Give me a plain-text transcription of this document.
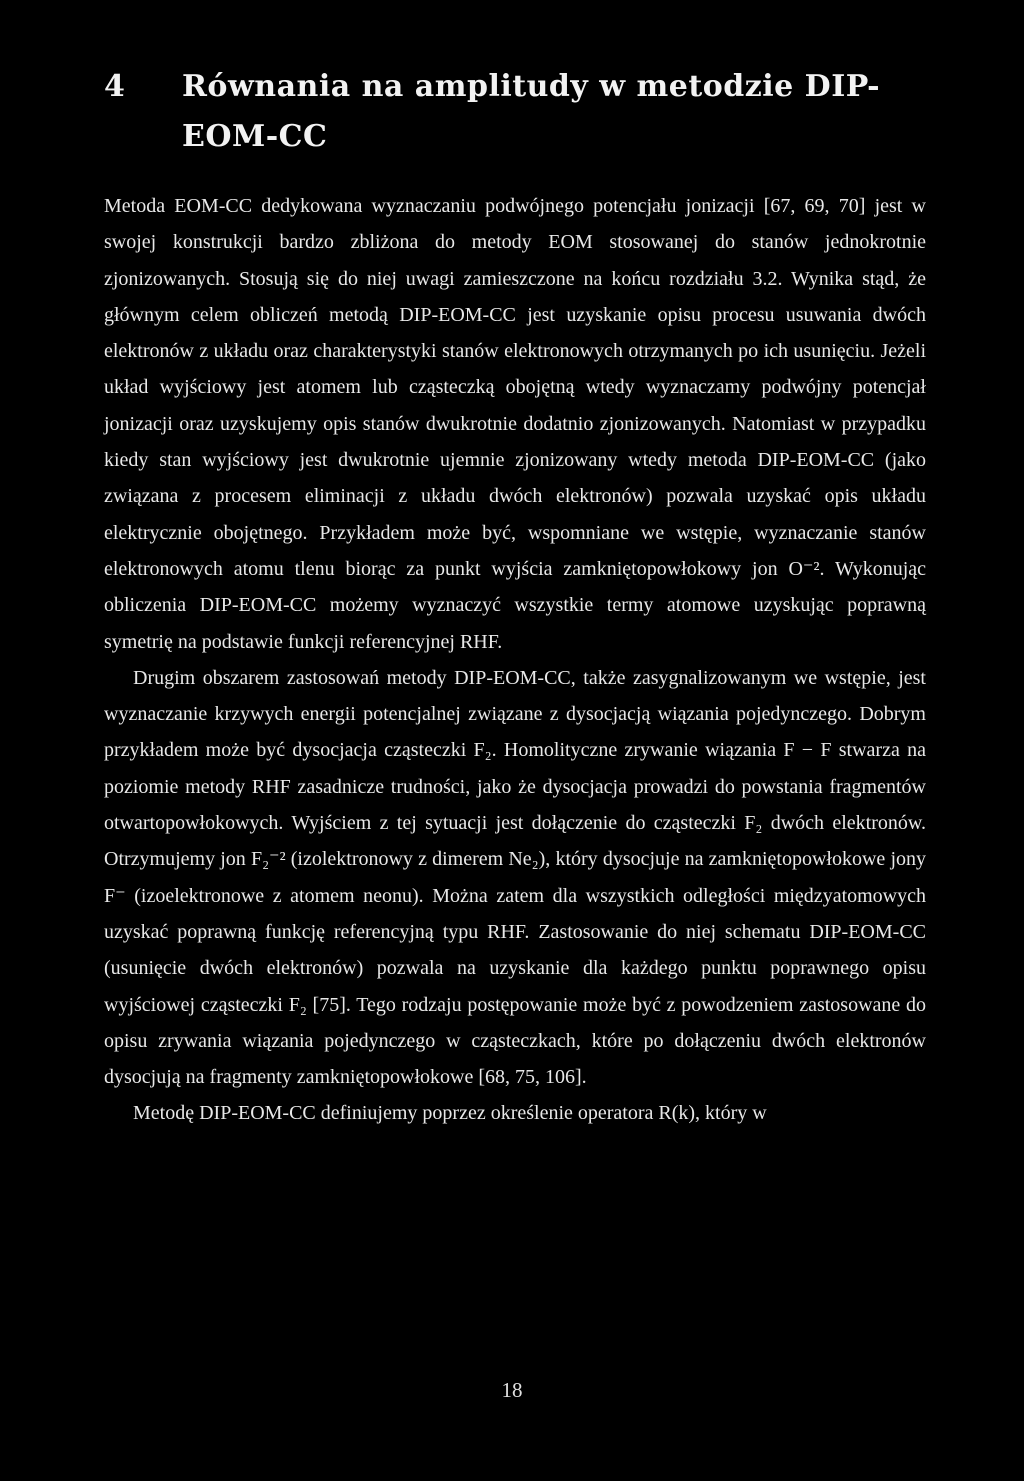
4 Równania na amplitudy w metodzie DIP-
EOM-CC

Metoda EOM-CC dedykowana wyznaczaniu podwójnego potencjału jonizacji [67, 69, 70] jest w swojej konstrukcji bardzo zbliżona do metody EOM stosowanej do stanów jednokrotnie zjonizowanych. Stosują się do niej uwagi zamieszczone na końcu rozdziału 3.2. Wynika stąd, że głównym celem obliczeń metodą DIP-EOM-CC jest uzyskanie opisu procesu usuwania dwóch elektronów z układu oraz charakterystyki stanów elektronowych otrzymanych po ich usunięciu. Jeżeli układ wyjściowy jest atomem lub cząsteczką obojętną wtedy wyznaczamy podwójny potencjał jonizacji oraz uzyskujemy opis stanów dwukrotnie dodatnio zjonizowanych. Natomiast w przypadku kiedy stan wyjściowy jest dwukrotnie ujemnie zjonizowany wtedy metoda DIP-EOM-CC (jako związana z procesem eliminacji z układu dwóch elektronów) pozwala uzyskać opis układu elektrycznie obojętnego. Przykładem może być, wspomniane we wstępie, wyznaczanie stanów elektronowych atomu tlenu biorąc za punkt wyjścia zamkniętopowłokowy jon O⁻². Wykonując obliczenia DIP-EOM-CC możemy wyznaczyć wszystkie termy atomowe uzyskując poprawną symetrię na podstawie funkcji referencyjnej RHF.

Drugim obszarem zastosowań metody DIP-EOM-CC, także zasygnalizowanym we wstępie, jest wyznaczanie krzywych energii potencjalnej związane z dysocjacją wiązania pojedynczego. Dobrym przykładem może być dysocjacja cząsteczki F₂. Homolityczne zrywanie wiązania F − F stwarza na poziomie metody RHF zasadnicze trudności, jako że dysocjacja prowadzi do powstania fragmentów otwartopowłokowych. Wyjściem z tej sytuacji jest dołączenie do cząsteczki F₂ dwóch elektronów. Otrzymujemy jon F₂⁻² (izolektronowy z dimerem Ne₂), który dysocjuje na zamkniętopowłokowe jony F⁻ (izoelektronowe z atomem neonu). Można zatem dla wszystkich odległości międzyatomowych uzyskać poprawną funkcję referencyjną typu RHF. Zastosowanie do niej schematu DIP-EOM-CC (usunięcie dwóch elektronów) pozwala na uzyskanie dla każdego punktu poprawnego opisu wyjściowej cząsteczki F₂ [75]. Tego rodzaju postępowanie może być z powodzeniem zastosowane do opisu zrywania wiązania pojedynczego w cząsteczkach, które po dołączeniu dwóch elektronów dysocjują na fragmenty zamkniętopowłokowe [68, 75, 106].

Metodę DIP-EOM-CC definiujemy poprzez określenie operatora R(k), który w

18
